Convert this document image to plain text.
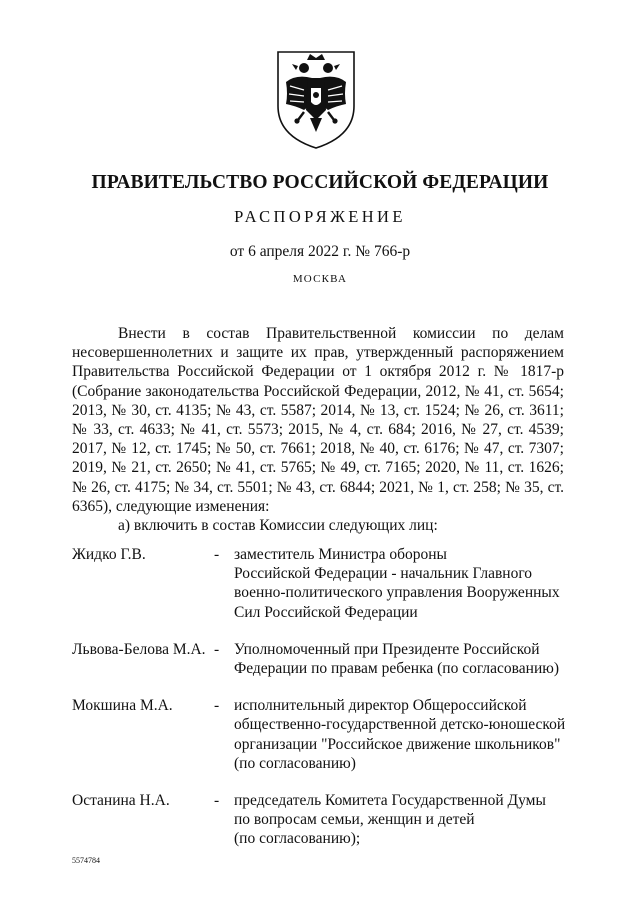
ПРАВИТЕЛЬСТВО РОССИЙСКОЙ ФЕДЕРАЦИИ
РАСПОРЯЖЕНИЕ
от 6 апреля 2022 г. № 766-р
МОСКВА

Внести в состав Правительственной комиссии по делам несовершеннолетних и защите их прав, утвержденный распоряжением Правительства Российской Федерации от 1 октября 2012 г. № 1817-р (Собрание законодательства Российской Федерации, 2012, № 41, ст. 5654; 2013, № 30, ст. 4135; № 43, ст. 5587; 2014, № 13, ст. 1524; № 26, ст. 3611; № 33, ст. 4633; № 41, ст. 5573; 2015, № 4, ст. 684; 2016, № 27, ст. 4539; 2017, № 12, ст. 1745; № 50, ст. 7661; 2018, № 40, ст. 6176; № 47, ст. 7307; 2019, № 21, ст. 2650; № 41, ст. 5765; № 49, ст. 7165; 2020, № 11, ст. 1626; № 26, ст. 4175; № 34, ст. 5501; № 43, ст. 6844; 2021, № 1, ст. 258; № 35, ст. 6365), следующие изменения:

а) включить в состав Комиссии следующих лиц:

Жидко Г.В.	- заместитель Министра обороны
Российской Федерации - начальник Главного
военно-политического управления Вооруженных
Сил Российской Федерации
Львова-Белова М.А. - Уполномоченный при Президенте Российской
Федерации по правам ребенка (по согласованию)
Мокшина М.А.	- исполнительный директор Общероссийской
общественно-государственной детско-юношеской
организации "Российское движение школьников"
(по согласованию)
Останина Н.А.	- председатель Комитета Государственной Думы
по вопросам семьи, женщин и детей
(по согласованию);
5574784
